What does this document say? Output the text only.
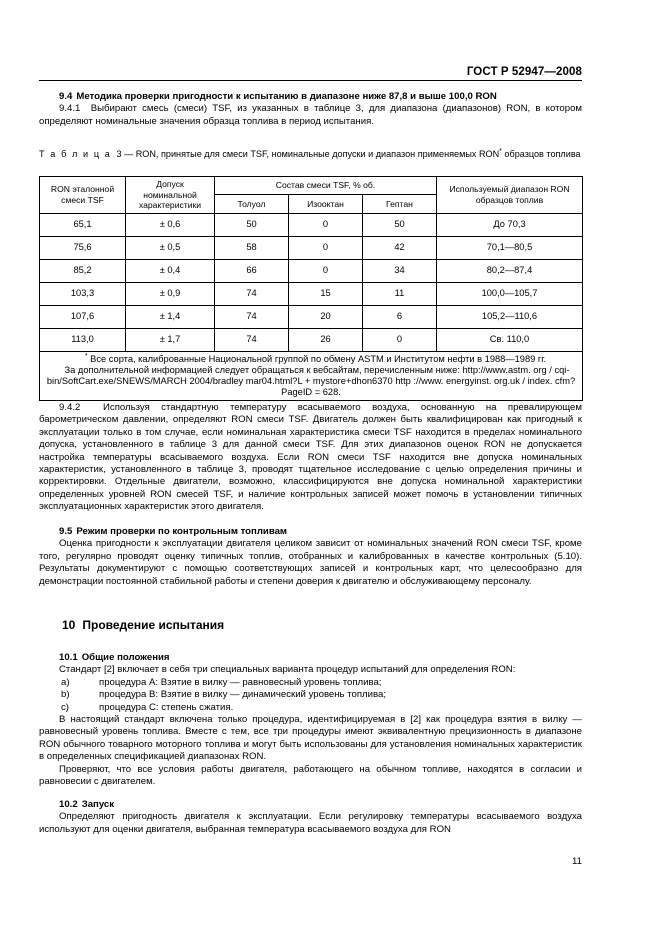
ГОСТ Р 52947—2008

9.4 Методика проверки пригодности к испытанию в диапазоне ниже 87,8 и выше 100,0 RON

9.4.1 Выбирают смесь (смеси) TSF, из указанных в таблице 3, для диапазона (диапазонов) RON, в котором определяют номинальные значения образца топлива в период испытания.

Т а б л и ц а 3 — RON, принятые для смеси TSF, номинальные допуски и диапазон применяемых RON* образцов топлива
RON эталонной смеси TSF	Допуск номинальной характеристики	Состав смеси TSF, % об.			Используемый диапазон RON образцов топлив
		Толуол	Изооктан	Гептан	
65,1	± 0,6	50	0	50	До 70,3
75,6	± 0,5	58	0	42	70,1—80,5
85,2	± 0,4	66	0	34	80,2—87,4
103,3	± 0,9	74	15	11	100,0—105,7
107,6	± 1,4	74	20	6	105,2—110,6
113,0	± 1,7	74	26	0	Св. 110,0

* Все сорта, калиброванные Национальной группой по обмену ASTM и Институтом нефти в 1988—1989 гг.

За дополнительной информацией следует обращаться к вебсайтам, перечисленным ниже: http://www.astm. org / cqi-bin/SoftCart.exe/SNEWS/MARCH 2004/bradley mar04.html?L + mystore+dhon6370 http ://www. energyinst. org.uk / index. cfm?PageID = 628.					

9.4.2 Используя стандартную температуру всасываемого воздуха, основанную на превалирующем барометрическом давлении, определяют RON смеси TSF. Двигатель должен быть квалифицирован как пригодный к эксплуатации только в том случае, если номинальная характеристика смеси TSF находится в пределах номинального допуска, установленного в таблице 3 для данной смеси TSF. Для этих диапазонов оценок RON не допускается настройка температуры всасываемого воздуха. Если RON смеси TSF находится вне допуска номинальных характеристик, установленного в таблице 3, проводят тщательное исследование с целью определения причины и корректировки. Отдельные двигатели, возможно, классифицируются вне допуска номинальной характеристики определенных уровней RON смесей TSF, и наличие контрольных записей может помочь в установлении типичных эксплуатационных характеристик этого двигателя.

9.5 Режим проверки по контрольным топливам

Оценка пригодности к эксплуатации двигателя целиком зависит от номинальных значений RON смеси TSF, кроме того, регулярно проводят оценку типичных топлив, отобранных и калиброванных в качестве контрольных (5.10). Результаты документируют с помощью соответствующих записей и контрольных карт, что целесообразно для демонстрации постоянной стабильной работы и степени доверия к двигателю и обслуживающему персоналу.

10 Проведение испытания

10.1 Общие положения

Стандарт [2] включает в себя три специальных варианта процедур испытаний для определения RON:

a)	процедура A: Взятие в вилку — равновесный уровень топлива;
b)	процедура B: Взятие в вилку — динамический уровень топлива;
c)	процедура C: степень сжатия.

В настоящий стандарт включена только процедура, идентифицируемая в [2] как процедура взятия в вилку — равновесный уровень топлива. Вместе с тем, все три процедуры имеют эквивалентную прецизионность в диапазоне RON обычного товарного моторного топлива и могут быть использованы для установления номинальных характеристик в определенных спецификацией диапазонах RON.

Проверяют, что все условия работы двигателя, работающего на обычном топливе, находятся в согласии и равновесии с двигателем.

10.2 Запуск

Определяют пригодность двигателя к эксплуатации. Если регулировку температуры всасываемого воздуха используют для оценки двигателя, выбранная температура всасываемого воздуха для RON

11
